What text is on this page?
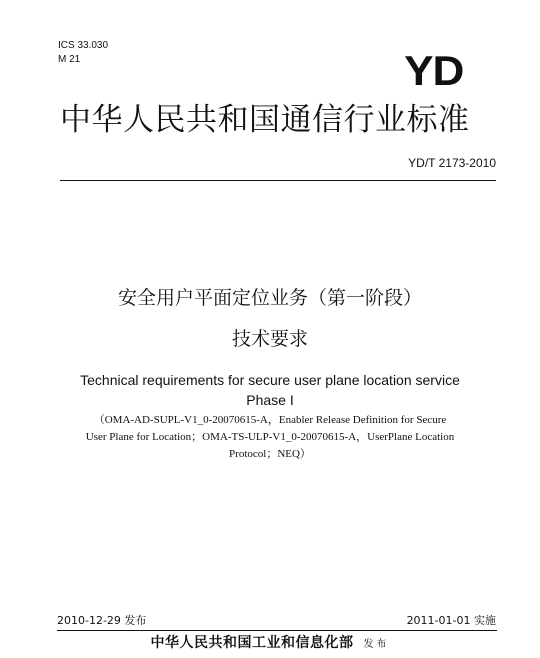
ICS 33.030
M 21	YD
中华人民共和国通信行业标准
YD/T 2173-2010
安全用户平面定位业务（第一阶段）
技术要求
Technical requirements for secure user plane location service
Phase I
（OMA-AD-SUPL-V1_0-20070615-A，Enabler Release Definition for Secure
User Plane for Location；OMA-TS-ULP-V1_0-20070615-A，UserPlane Location
Protocol；NEQ）
2010-12-29 发布	2011-01-01 实施
中华人民共和国工业和信息化部 发布
